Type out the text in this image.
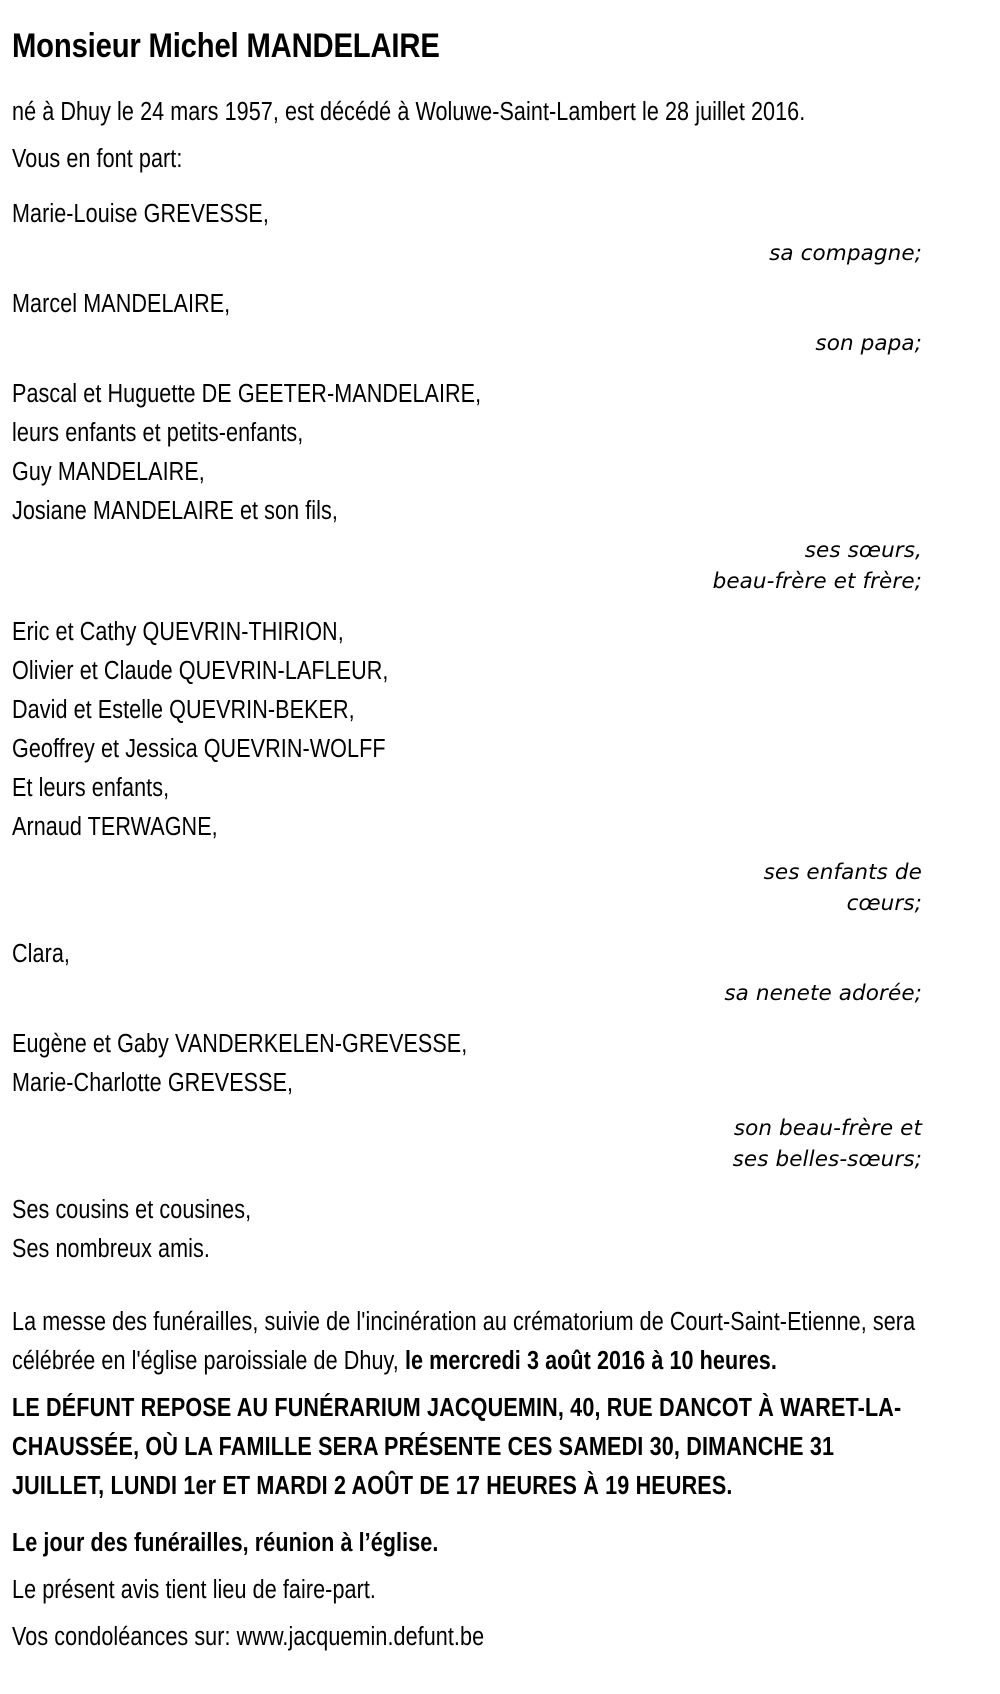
Monsieur Michel MANDELAIRE

né à Dhuy le 24 mars 1957, est décédé à Woluwe-Saint-Lambert le 28 juillet 2016.

Vous en font part:

Marie-Louise GREVESSE,

sa compagne;

Marcel MANDELAIRE,

son papa;

Pascal et Huguette DE GEETER-MANDELAIRE,
leurs enfants et petits-enfants,
Guy MANDELAIRE,
Josiane MANDELAIRE et son fils,

ses sœurs,
beau-frère et frère;

Eric et Cathy QUEVRIN-THIRION,
Olivier et Claude QUEVRIN-LAFLEUR,
David et Estelle QUEVRIN-BEKER,
Geoffrey et Jessica QUEVRIN-WOLFF
Et leurs enfants,
Arnaud TERWAGNE,

ses enfants de
cœurs;

Clara,

sa nenete adorée;

Eugène et Gaby VANDERKELEN-GREVESSE,
Marie-Charlotte GREVESSE,

son beau-frère et
ses belles-sœurs;

Ses cousins et cousines,
Ses nombreux amis.

La messe des funérailles, suivie de l'incinération au crématorium de Court-Saint-Etienne, sera célébrée en l'église paroissiale de Dhuy, le mercredi 3 août 2016 à 10 heures.

LE DÉFUNT REPOSE AU FUNÉRARIUM JACQUEMIN, 40, RUE DANCOT À WARET-LA-CHAUSSÉE, OÙ LA FAMILLE SERA PRÉSENTE CES SAMEDI 30, DIMANCHE 31 JUILLET, LUNDI 1er ET MARDI 2 AOÛT DE 17 HEURES À 19 HEURES.

Le jour des funérailles, réunion à l’église.

Le présent avis tient lieu de faire-part.

Vos condoléances sur: www.jacquemin.defunt.be
